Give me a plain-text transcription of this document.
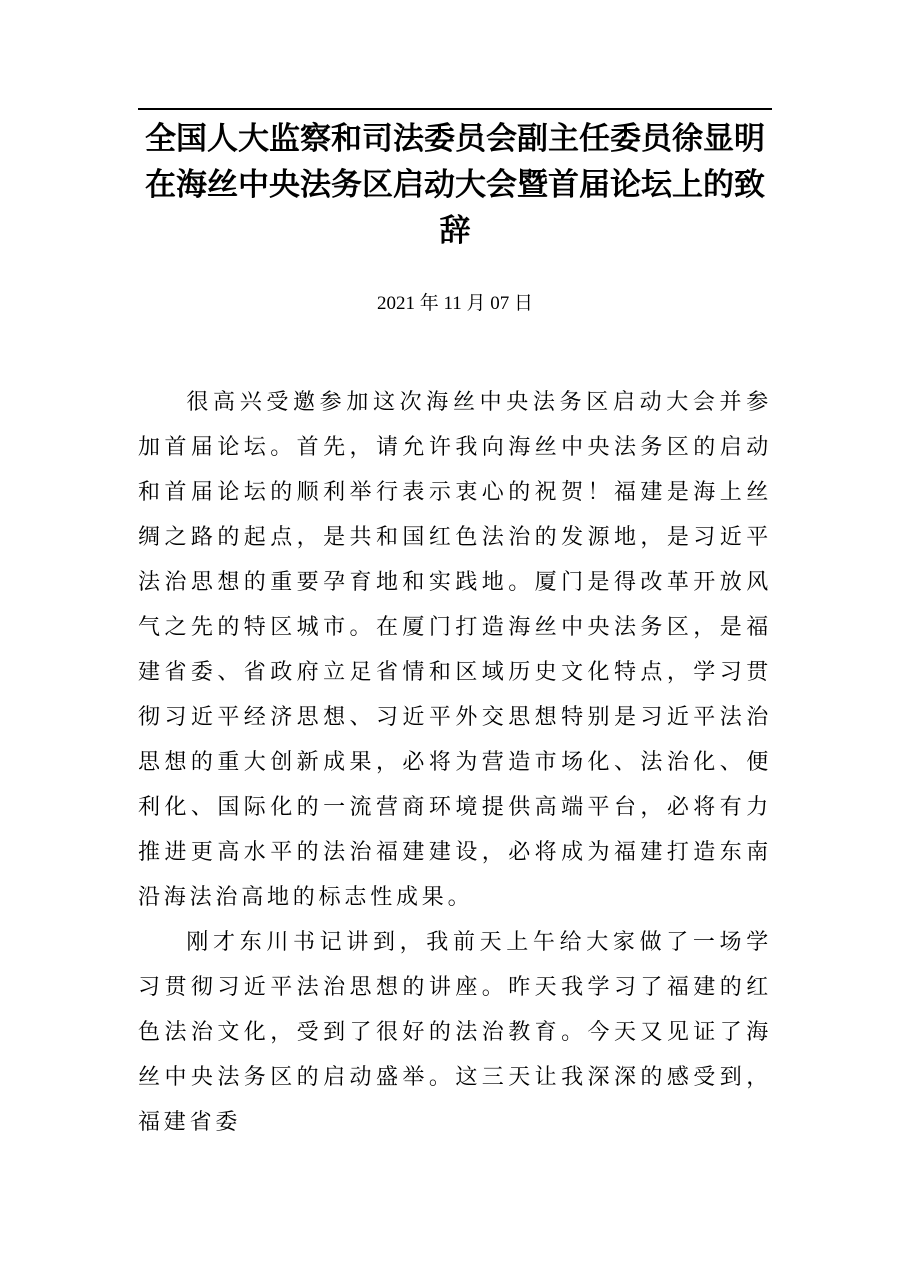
全国人大监察和司法委员会副主任委员徐显明在海丝中央法务区启动大会暨首届论坛上的致辞
2021 年 11 月 07 日

很高兴受邀参加这次海丝中央法务区启动大会并参加首届论坛。首先，请允许我向海丝中央法务区的启动和首届论坛的顺利举行表示衷心的祝贺！福建是海上丝绸之路的起点，是共和国红色法治的发源地，是习近平法治思想的重要孕育地和实践地。厦门是得改革开放风气之先的特区城市。在厦门打造海丝中央法务区，是福建省委、省政府立足省情和区域历史文化特点，学习贯彻习近平经济思想、习近平外交思想特别是习近平法治思想的重大创新成果，必将为营造市场化、法治化、便利化、国际化的一流营商环境提供高端平台，必将有力推进更高水平的法治福建建设，必将成为福建打造东南沿海法治高地的标志性成果。

刚才东川书记讲到，我前天上午给大家做了一场学习贯彻习近平法治思想的讲座。昨天我学习了福建的红色法治文化，受到了很好的法治教育。今天又见证了海丝中央法务区的启动盛举。这三天让我深深的感受到，福建省委
